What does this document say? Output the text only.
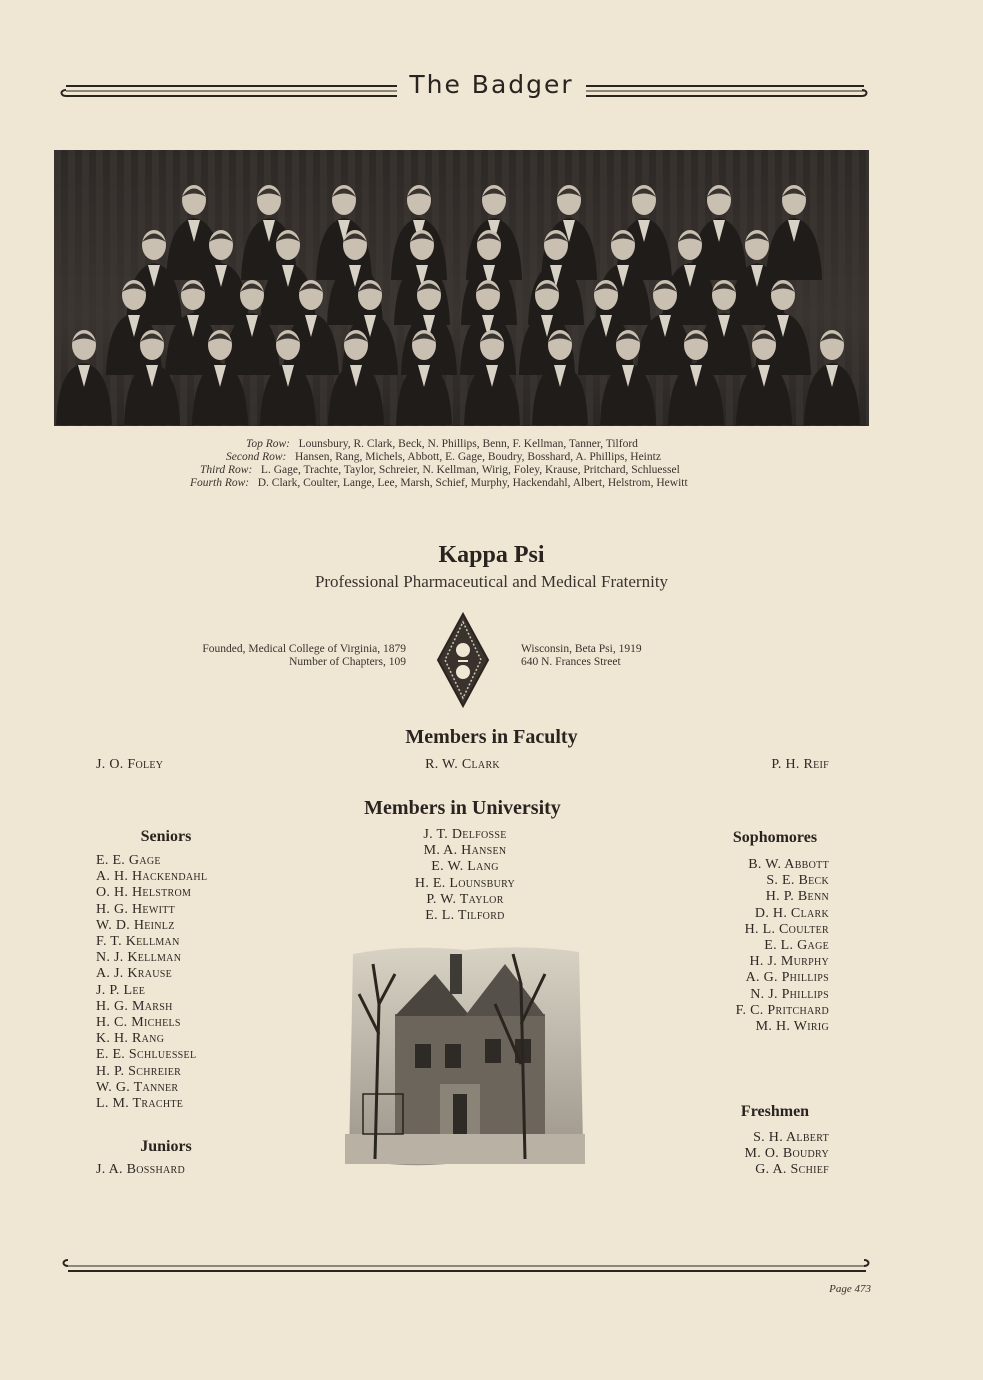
The Badger
Top Row: Lounsbury, R. Clark, Beck, N. Phillips, Benn, F. Kellman, Tanner, Tilford
Second Row: Hansen, Rang, Michels, Abbott, E. Gage, Boudry, Bosshard, A. Phillips, Heintz
Third Row: L. Gage, Trachte, Taylor, Schreier, N. Kellman, Wirig, Foley, Krause, Pritchard, Schluessel
Fourth Row: D. Clark, Coulter, Lange, Lee, Marsh, Schief, Murphy, Hackendahl, Albert, Helstrom, Hewitt
Kappa Psi
Professional Pharmaceutical and Medical Fraternity
Founded, Medical College of Virginia, 1879
Number of Chapters, 109
Wisconsin, Beta Psi, 1919
640 N. Frances Street
Members in Faculty
J. O. Foley	R. W. Clark	P. H. Reif
Members in University
Seniors
E. E. Gage
A. H. Hackendahl
O. H. Helstrom
H. G. Hewitt
W. D. Heinlz
F. T. Kellman
N. J. Kellman
A. J. Krause
J. P. Lee
H. G. Marsh
H. C. Michels
K. H. Rang
E. E. Schluessel
H. P. Schreier
W. G. Tanner
L. M. Trachte
J. T. Delfosse
M. A. Hansen
E. W. Lang
H. E. Lounsbury
P. W. Taylor
E. L. Tilford
Juniors
J. A. Bosshard
Sophomores
B. W. Abbott
S. E. Beck
H. P. Benn
D. H. Clark
H. L. Coulter
E. L. Gage
H. J. Murphy
A. G. Phillips
N. J. Phillips
F. C. Pritchard
M. H. Wirig
Freshmen
S. H. Albert
M. O. Boudry
G. A. Schief
Page 473
